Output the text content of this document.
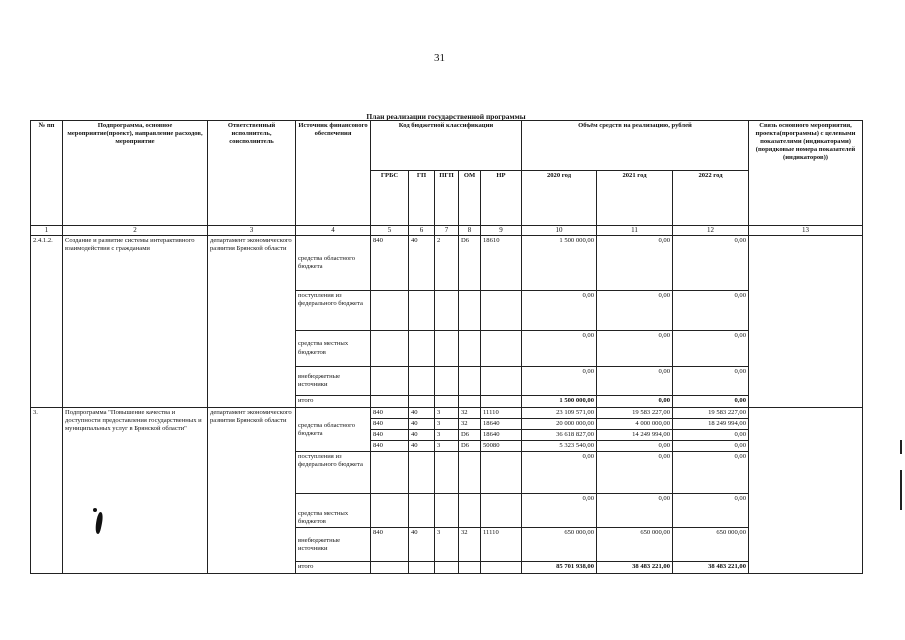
31
План реализации государственной программы
№ пп	Подпрограмма, основное мероприятие(проект), направление расходов, мероприятие	Ответственный исполнитель, соисполнитель	Источник финансового обеспечения	Код бюджетной классификации					Объём средств на реализацию, рублей			Связь основного мероприятия, проекта(программы) с целевыми показателями (индикаторами) (порядковые номера показателей (индикаторов))
				ГРБС	ГП	ПГП	ОМ	НР	2020 год	2021 год	2022 год	
1	2	3	4	5	6	7	8	9	10	11	12	13
2.4.1.2.	Создание и развитие системы интерактивного взаимодействия с гражданами	департамент экономического развития Брянской области	средства областного бюджета	840	40	2	D6	18610	1 500 000,00	0,00	0,00	
			поступления из федерального бюджета						0,00	0,00	0,00	
			средства местных бюджетов						0,00	0,00	0,00	
			внебюджетные источники						0,00	0,00	0,00	
			итого						1 500 000,00	0,00	0,00	
3.	Подпрограмма "Повышение качества и доступности предоставления государственных и муниципальных услуг в Брянской области"	департамент экономического развития Брянской области	средства областного бюджета	840	40	3	32	11110	23 109 571,00	19 583 227,00	19 583 227,00	
				840	40	3	32	18640	20 000 000,00	4 000 000,00	18 249 994,00	
				840	40	3	D6	18640	36 618 827,00	14 249 994,00	0,00	
				840	40	3	D6	50080	5 323 540,00	0,00	0,00	
			поступления из федерального бюджета						0,00	0,00	0,00	
			средства местных бюджетов						0,00	0,00	0,00	
			внебюджетные источники	840	40	3	32	11110	650 000,00	650 000,00	650 000,00	
			итого						85 701 938,00	38 483 221,00	38 483 221,00	
